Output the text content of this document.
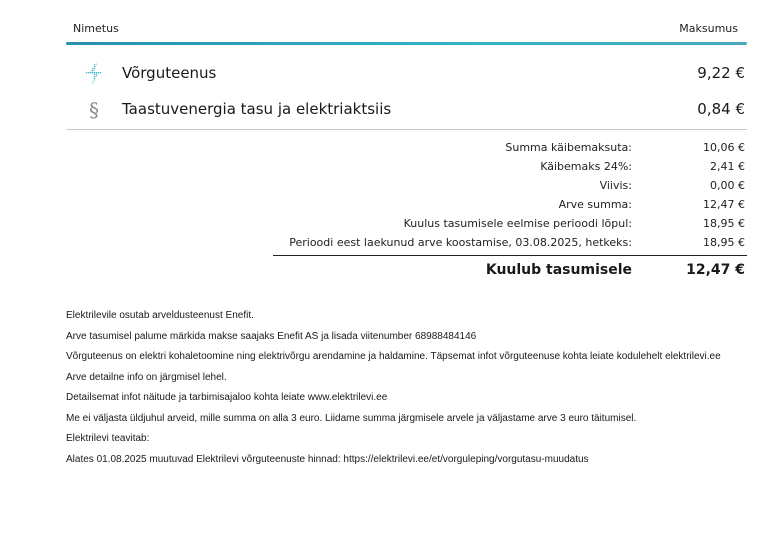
Nimetus	Maksumus
Võrguteenus	9,22 €
§	Taastuvenergia tasu ja elektriaktsiis	0,84 €
Summa käibemaksuta:	10,06 €
Käibemaks 24%:	2,41 €
Viivis:	0,00 €
Arve summa:	12,47 €
Kuulus tasumisele eelmise perioodi lõpul:	18,95 €
Perioodi eest laekunud arve koostamise, 03.08.2025, hetkeks:	18,95 €
Kuulub tasumisele	12,47 €

Elektrilevile osutab arveldusteenust Enefit.

Arve tasumisel palume märkida makse saajaks Enefit AS ja lisada viitenumber 68988484146

Võrguteenus on elektri kohaletoomine ning elektrivõrgu arendamine ja haldamine. Täpsemat infot võrguteenuse kohta leiate kodulehelt elektrilevi.ee

Arve detailne info on järgmisel lehel.

Detailsemat infot näitude ja tarbimisajaloo kohta leiate www.elektrilevi.ee

Me ei väljasta üldjuhul arveid, mille summa on alla 3 euro. Liidame summa järgmisele arvele ja väljastame arve 3 euro täitumisel.

Elektrilevi teavitab:

Alates 01.08.2025 muutuvad Elektrilevi võrguteenuste hinnad: https://elektrilevi.ee/et/vorguleping/vorgutasu-muudatus
